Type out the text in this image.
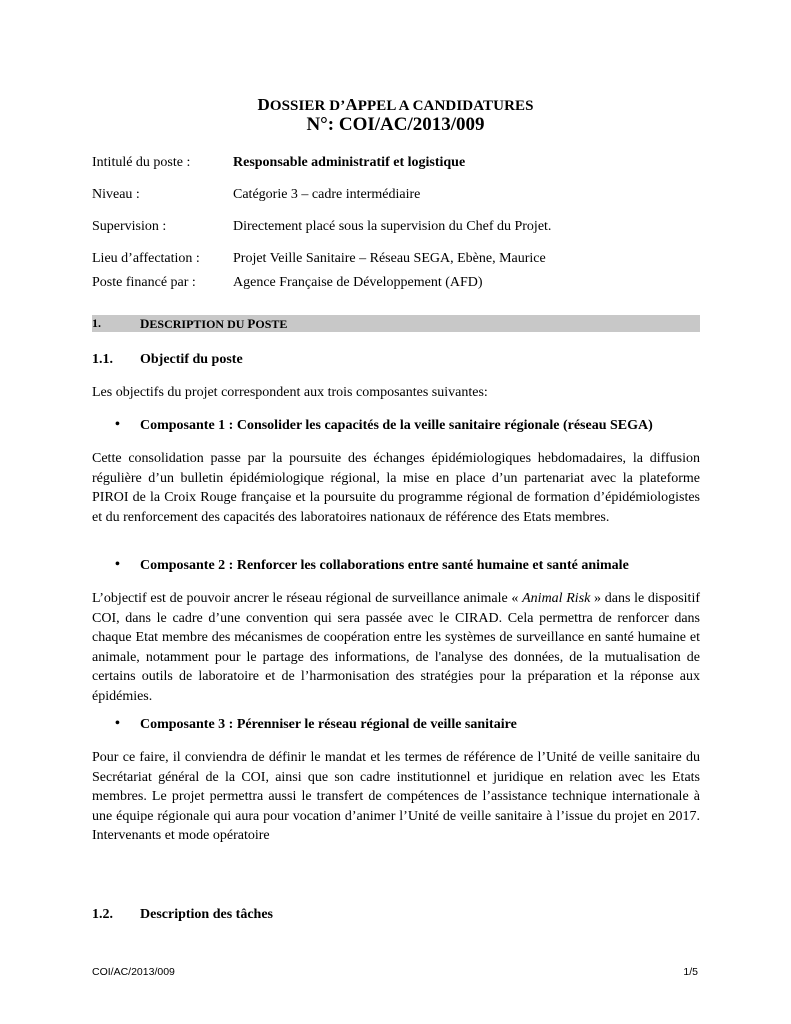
DOSSIER D’APPEL A CANDIDATURES
N°: COI/AC/2013/009
Intitulé du poste :	Responsable administratif et logistique
Niveau :	Catégorie 3 – cadre intermédiaire
Supervision :	Directement placé sous la supervision du Chef du Projet.
Lieu d’affectation : Projet Veille Sanitaire – Réseau SEGA, Ebène, Maurice
Poste financé par :	Agence Française de Développement (AFD)
1.	DESCRIPTION DU POSTE
1.1. Objectif du poste
Les objectifs du projet correspondent aux trois composantes suivantes:
• Composante 1 : Consolider les capacités de la veille sanitaire régionale (réseau SEGA)
Cette consolidation passe par la poursuite des échanges épidémiologiques hebdomadaires, la diffusion régulière d’un bulletin épidémiologique régional, la mise en place d’un partenariat avec la plateforme PIROI de la Croix Rouge française et la poursuite du programme régional de formation d’épidémiologistes et du renforcement des capacités des laboratoires nationaux de référence des Etats membres.
• Composante 2 : Renforcer les collaborations entre santé humaine et santé animale
L’objectif est de pouvoir ancrer le réseau régional de surveillance animale « Animal Risk » dans le dispositif COI, dans le cadre d’une convention qui sera passée avec le CIRAD. Cela permettra de renforcer dans chaque Etat membre des mécanismes de coopération entre les systèmes de surveillance en santé humaine et animale, notamment pour le partage des informations, de l'analyse des données, de la mutualisation de certains outils de laboratoire et de l’harmonisation des stratégies pour la préparation et la réponse aux épidémies.
• Composante 3 : Pérenniser le réseau régional de veille sanitaire
Pour ce faire, il conviendra de définir le mandat et les termes de référence de l’Unité de veille sanitaire du Secrétariat général de la COI, ainsi que son cadre institutionnel et juridique en relation avec les Etats membres. Le projet permettra aussi le transfert de compétences de l’assistance technique internationale à une équipe régionale qui aura pour vocation d’animer l’Unité de veille sanitaire à l’issue du projet en 2017. Intervenants et mode opératoire
1.2. Description des tâches
COI/AC/2013/009	1/5
